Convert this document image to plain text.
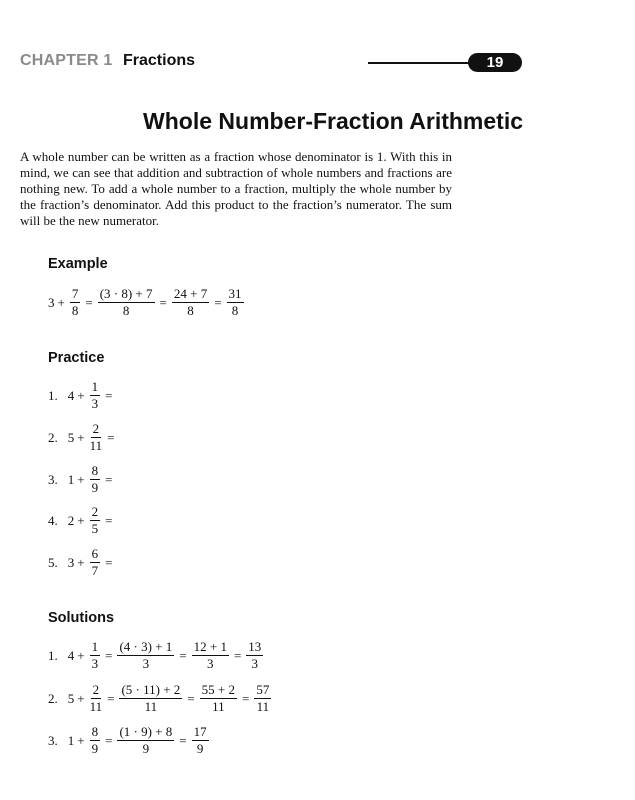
CHAPTER 1 Fractions	19
Whole Number-Fraction Arithmetic

A whole number can be written as a fraction whose denominator is 1. With this in mind, we can see that addition and subtraction of whole numbers and fractions are nothing new. To add a whole number to a fraction, multiply the whole number by the fraction’s denominator. Add this product to the fraction’s numerator. The sum will be the new numerator.

Example
$3 + \frac{7}{8} = \frac{(3 \cdot 8) + 7}{8} = \frac{24 + 7}{8} = \frac{31}{8}$
Practice
1. $4 + \frac{1}{3}$ =
2. $5 + \frac{2}{11}$ =
3. $1 + \frac{8}{9}$ =
4. $2 + \frac{2}{5}$ =
5. $3 + \frac{6}{7}$ =
Solutions
1. $4 + \frac{1}{3} = \frac{(4 \cdot 3) + 1}{3} = \frac{12 + 1}{3} = \frac{13}{3}$
2. $5 + \frac{2}{11} = \frac{(5 \cdot 11) + 2}{11} = \frac{55 + 2}{11} = \frac{57}{11}$
3. $1 + \frac{8}{9} = \frac{(1 \cdot 9) + 8}{9} = \frac{17}{9}$
